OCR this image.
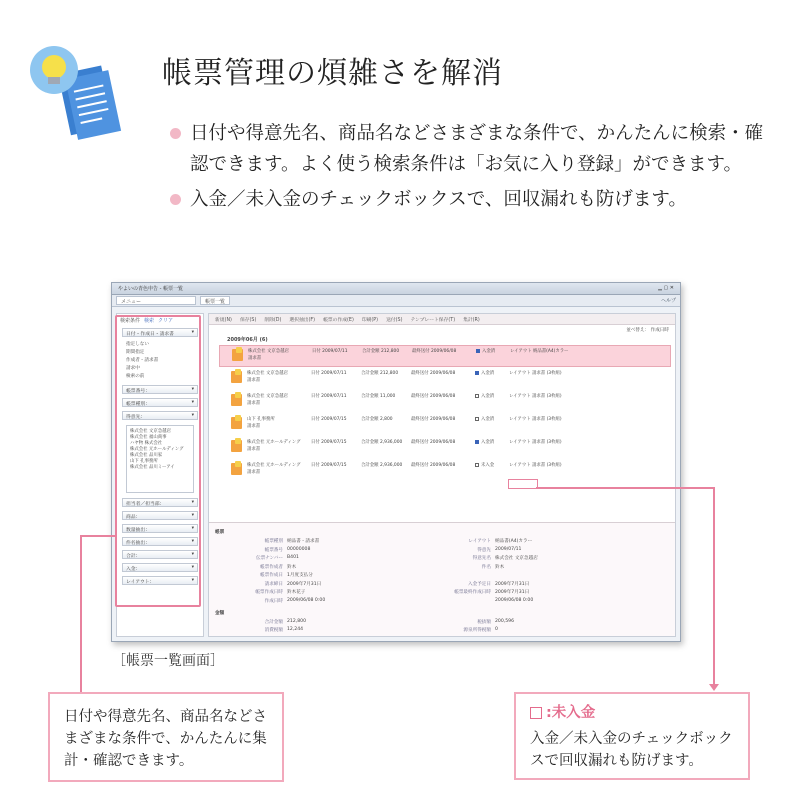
帳票管理の煩雑さを解消
日付や得意先名、商品名などさまざまな条件で、かんたんに検索・確認できます。よく使う検索条件は「お気に入り登録」ができます。
入金／未入金のチェックボックスで、回収漏れも防げます。
やよいの青色申告 - 帳票一覧	▁ ▢ ✕
メニュー	帳票一覧	ヘルプ
検索条件 検索 クリア
日付・作成日・請求書	▾
指定しない
期間指定
作成者・請求書
請求中
検索の前
帳票番号：	▾
帳票種別：	▾
得意先：	▾
株式会社 文京急越店
株式会社 福山商事
ハヤ物 株式会社
株式会社 元ホールディング
株式会社 品川家
山下 孔事務所
株式会社 品川ミーアイ
担当者／担当部：	▾
商品：	▾
数量抽出：	▾
件名抽出：	▾
合計：	▾
入金：	▾
レイアウト：	▾
新規(N) 保存(S) 削除(D) 選択抽出(F) 帳票の作成(E) 印刷(P) 送付(S) テンプレート保存(T) 集計(R)
並べ替え： 作成日時
2009年06月 (6)
株式会社 文京急越店
請求書
日付 2009/07/11	合計金額 212,800	最終送付 2009/06/08	入金済	レイアウト 納品書(A4)カラー
株式会社 文京急越店
請求書
日付 2009/07/11	合計金額 212,800	最終送付 2009/06/08	入金済	レイアウト 請求書 (3枚組)
株式会社 文京急越店
請求書
日付 2009/07/11	合計金額 11,000	最終送付 2009/06/08	入金済	レイアウト 請求書 (3枚組)
山下 孔事務所
請求書
日付 2009/07/15	合計金額 2,800	最終送付 2009/06/08	入金済	レイアウト 請求書 (3枚組)
株式会社 元ホールディング
請求書
日付 2009/07/15	合計金額 2,936,000	最終送付 2009/06/08	入金済	レイアウト 請求書 (3枚組)
株式会社 元ホールディング
請求書
日付 2009/07/15	合計金額 2,936,000	最終送付 2009/06/08	未入金	レイアウト 請求書 (3枚組)
帳票
帳票種別 納品書・請求書	レイアウト 納品書(A4)カラー
帳票番号 00000008	得意先 2009/07/11
伝票ナンバー B401	得意先名 株式会社 文京急越店
帳票作成者 鈴木	件名 鈴木
帳票作成日 1月度支払分
請求締日 2009年7月31日	入金予定日 2009年7月31日
帳票作成日時 鈴木花子	帳票最終作成日時 2009年7月31日
作成日時 2009/06/08 0:00	2009/06/08 0:00
金額
合計金額 212,800	税抜額 200,596
消費税額 12,244	源泉所得税額 0
［帳票一覧画面］
日付や得意先名、商品名などさまざまな条件で、かんたんに集計・確認できます。
:未入金
入金／未入金のチェックボックスで回収漏れも防げます。
